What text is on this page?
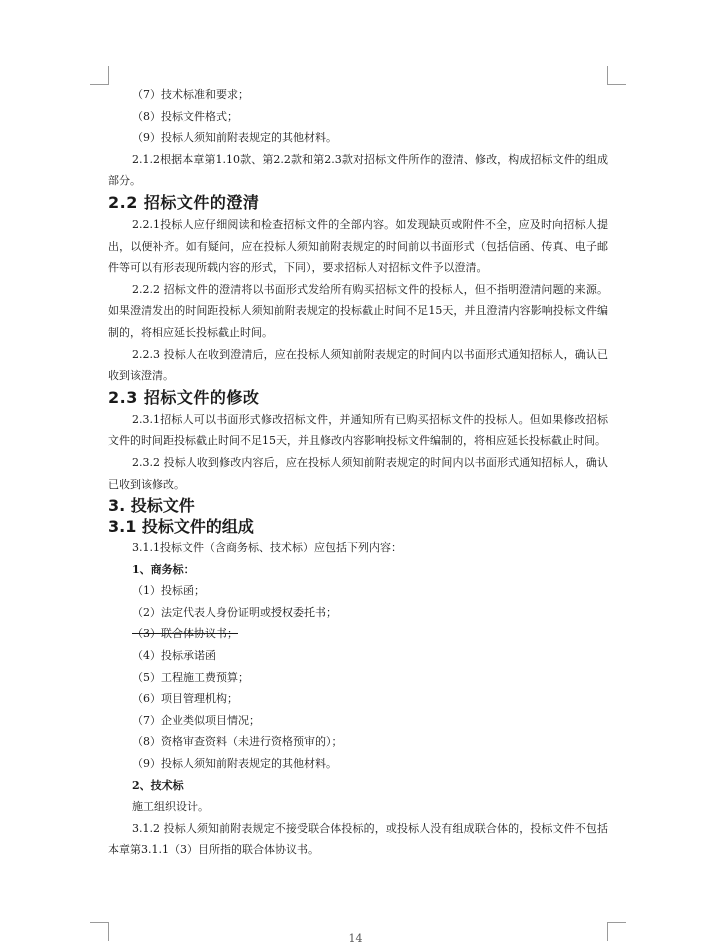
（7）技术标准和要求；
（8）投标文件格式；
（9）投标人须知前附表规定的其他材料。
2.1.2根据本章第1.10款、第2.2款和第2.3款对招标文件所作的澄清、修改，构成招标文件的组成部分。
2.2 招标文件的澄清
2.2.1投标人应仔细阅读和检查招标文件的全部内容。如发现缺页或附件不全，应及时向招标人提出，以便补齐。如有疑问，应在投标人须知前附表规定的时间前以书面形式（包括信函、传真、电子邮件等可以有形表现所载内容的形式，下同），要求招标人对招标文件予以澄清。
2.2.2 招标文件的澄清将以书面形式发给所有购买招标文件的投标人，但不指明澄清问题的来源。如果澄清发出的时间距投标人须知前附表规定的投标截止时间不足15天，并且澄清内容影响投标文件编制的，将相应延长投标截止时间。
2.2.3 投标人在收到澄清后，应在投标人须知前附表规定的时间内以书面形式通知招标人，确认已收到该澄清。
2.3 招标文件的修改
2.3.1招标人可以书面形式修改招标文件，并通知所有已购买招标文件的投标人。但如果修改招标文件的时间距投标截止时间不足15天，并且修改内容影响投标文件编制的，将相应延长投标截止时间。
2.3.2 投标人收到修改内容后，应在投标人须知前附表规定的时间内以书面形式通知招标人，确认已收到该修改。
3. 投标文件
3.1 投标文件的组成
3.1.1投标文件（含商务标、技术标）应包括下列内容：
1、商务标：
（1）投标函；
（2）法定代表人身份证明或授权委托书；
（3）联合体协议书；
（4）投标承诺函
（5）工程施工费预算；
（6）项目管理机构；
（7）企业类似项目情况；
（8）资格审查资料（未进行资格预审的）；
（9）投标人须知前附表规定的其他材料。
2、技术标
施工组织设计。
3.1.2 投标人须知前附表规定不接受联合体投标的，或投标人没有组成联合体的，投标文件不包括本章第3.1.1（3）目所指的联合体协议书。
14
